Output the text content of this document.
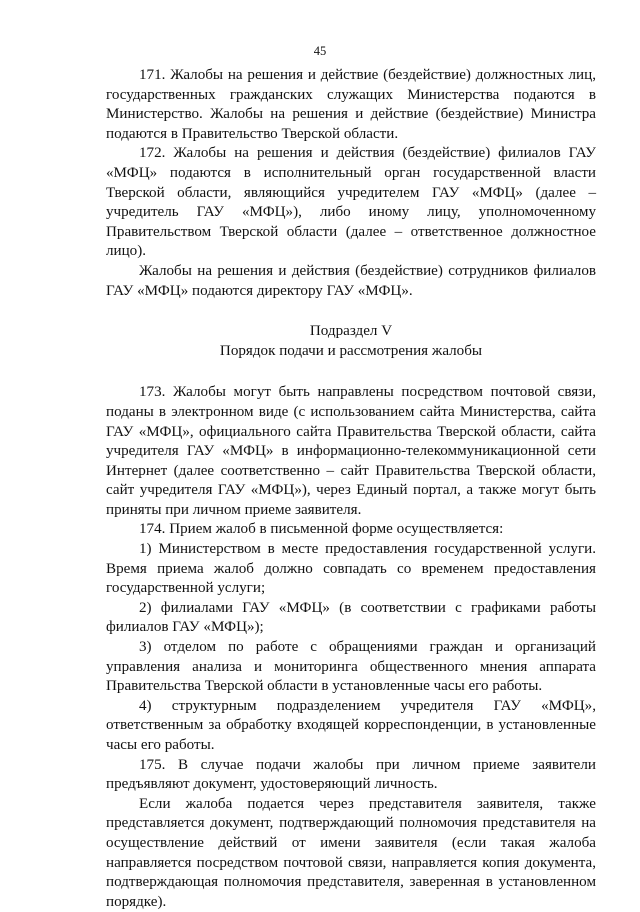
45

171. Жалобы на решения и действие (бездействие) должностных лиц, государственных гражданских служащих Министерства подаются в Министерство. Жалобы на решения и действие (бездействие) Министра подаются в Правительство Тверской области.

172. Жалобы на решения и действия (бездействие) филиалов ГАУ «МФЦ» подаются в исполнительный орган государственной власти Тверской области, являющийся учредителем ГАУ «МФЦ» (далее – учредитель ГАУ «МФЦ»), либо иному лицу, уполномоченному Правительством Тверской области (далее – ответственное должностное лицо).

Жалобы на решения и действия (бездействие) сотрудников филиалов ГАУ «МФЦ» подаются директору ГАУ «МФЦ».

Подраздел V

Порядок подачи и рассмотрения жалобы

173. Жалобы могут быть направлены посредством почтовой связи, поданы в электронном виде (с использованием сайта Министерства, сайта ГАУ «МФЦ», официального сайта Правительства Тверской области, сайта учредителя ГАУ «МФЦ» в информационно-телекоммуникационной сети Интернет (далее соответственно – сайт Правительства Тверской области, сайт учредителя ГАУ «МФЦ»), через Единый портал, а также могут быть приняты при личном приеме заявителя.

174. Прием жалоб в письменной форме осуществляется:

1) Министерством в месте предоставления государственной услуги. Время приема жалоб должно совпадать со временем предоставления государственной услуги;

2) филиалами ГАУ «МФЦ» (в соответствии с графиками работы филиалов ГАУ «МФЦ»);

3) отделом по работе с обращениями граждан и организаций управления анализа и мониторинга общественного мнения аппарата Правительства Тверской области в установленные часы его работы.

4) структурным подразделением учредителя ГАУ «МФЦ», ответственным за обработку входящей корреспонденции, в установленные часы его работы.

175. В случае подачи жалобы при личном приеме заявители предъявляют документ, удостоверяющий личность.

Если жалоба подается через представителя заявителя, также представляется документ, подтверждающий полномочия представителя на осуществление действий от имени заявителя (если такая жалоба направляется посредством почтовой связи, направляется копия документа, подтверждающая полномочия представителя, заверенная в установленном порядке).
